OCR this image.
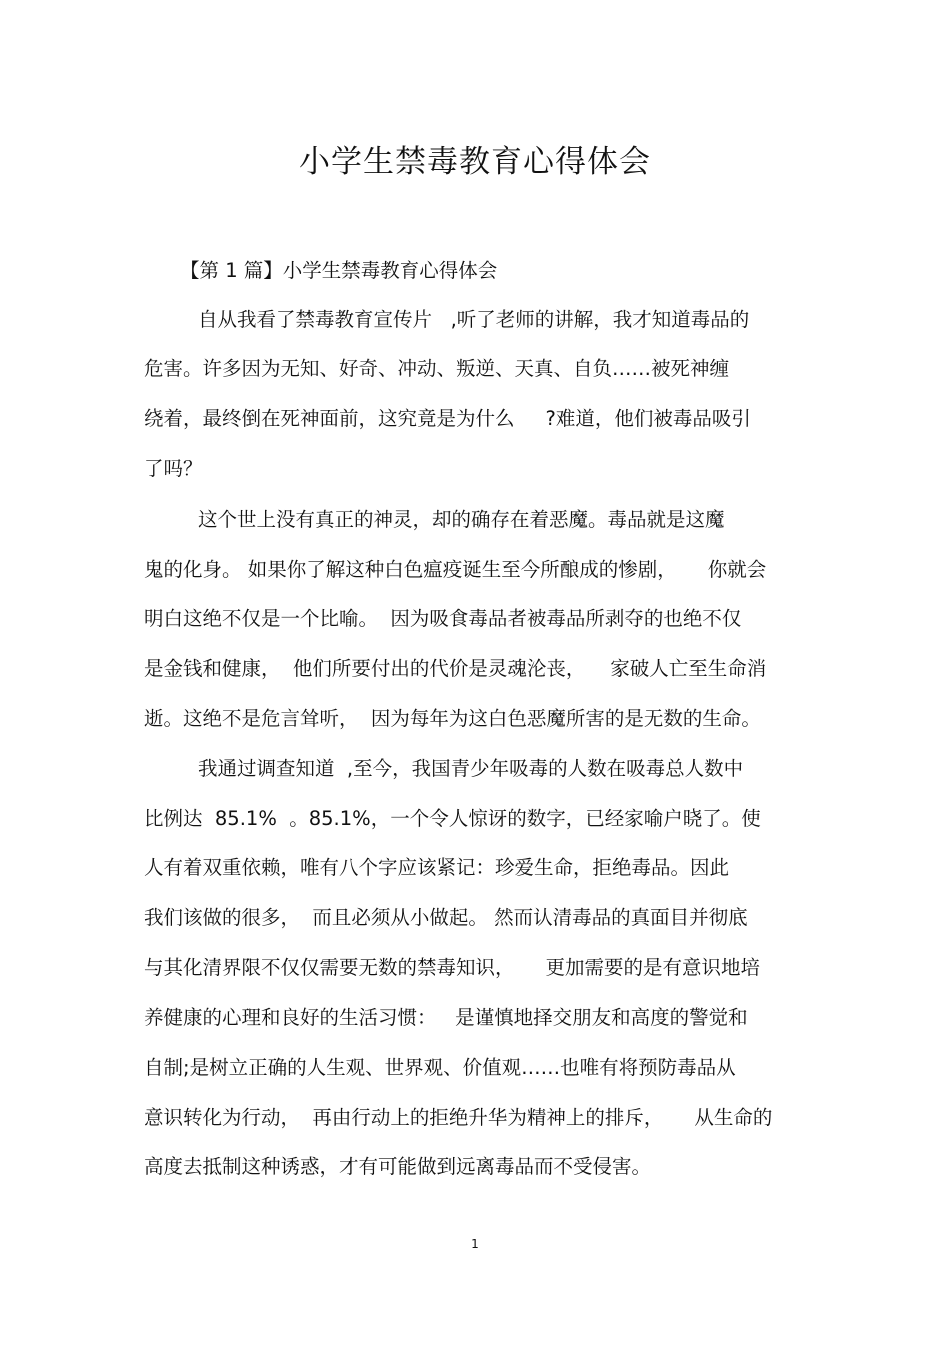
小学生禁毒教育心得体会
【第 1 篇】小学生禁毒教育心得体会
自从我看了禁毒教育宣传片   ,听了老师的讲解，我才知道毒品的
危害。许多因为无知、好奇、冲动、叛逆、天真、自负……被死神缠
绕着，最终倒在死神面前，这究竟是为什么     ?难道，他们被毒品吸引
了吗？
这个世上没有真正的神灵，却的确存在着恶魔。毒品就是这魔
鬼的化身。 如果你了解这种白色瘟疫诞生至今所酿成的惨剧，     你就会
明白这绝不仅是一个比喻。  因为吸食毒品者被毒品所剥夺的也绝不仅
是金钱和健康，  他们所要付出的代价是灵魂沦丧，    家破人亡至生命消
逝。这绝不是危言耸听，  因为每年为这白色恶魔所害的是无数的生命。
我通过调查知道  ,至今，我国青少年吸毒的人数在吸毒总人数中
比例达  85.1%  。85.1%，一个令人惊讶的数字，已经家喻户晓了。使
人有着双重依赖，唯有八个字应该紧记：珍爱生命，拒绝毒品。因此
我们该做的很多，  而且必须从小做起。 然而认清毒品的真面目并彻底
与其化清界限不仅仅需要无数的禁毒知识，     更加需要的是有意识地培
养健康的心理和良好的生活习惯：   是谨慎地择交朋友和高度的警觉和
自制;是树立正确的人生观、世界观、价值观……也唯有将预防毒品从
意识转化为行动，  再由行动上的拒绝升华为精神上的排斥，     从生命的
高度去抵制这种诱惑，才有可能做到远离毒品而不受侵害。
1
